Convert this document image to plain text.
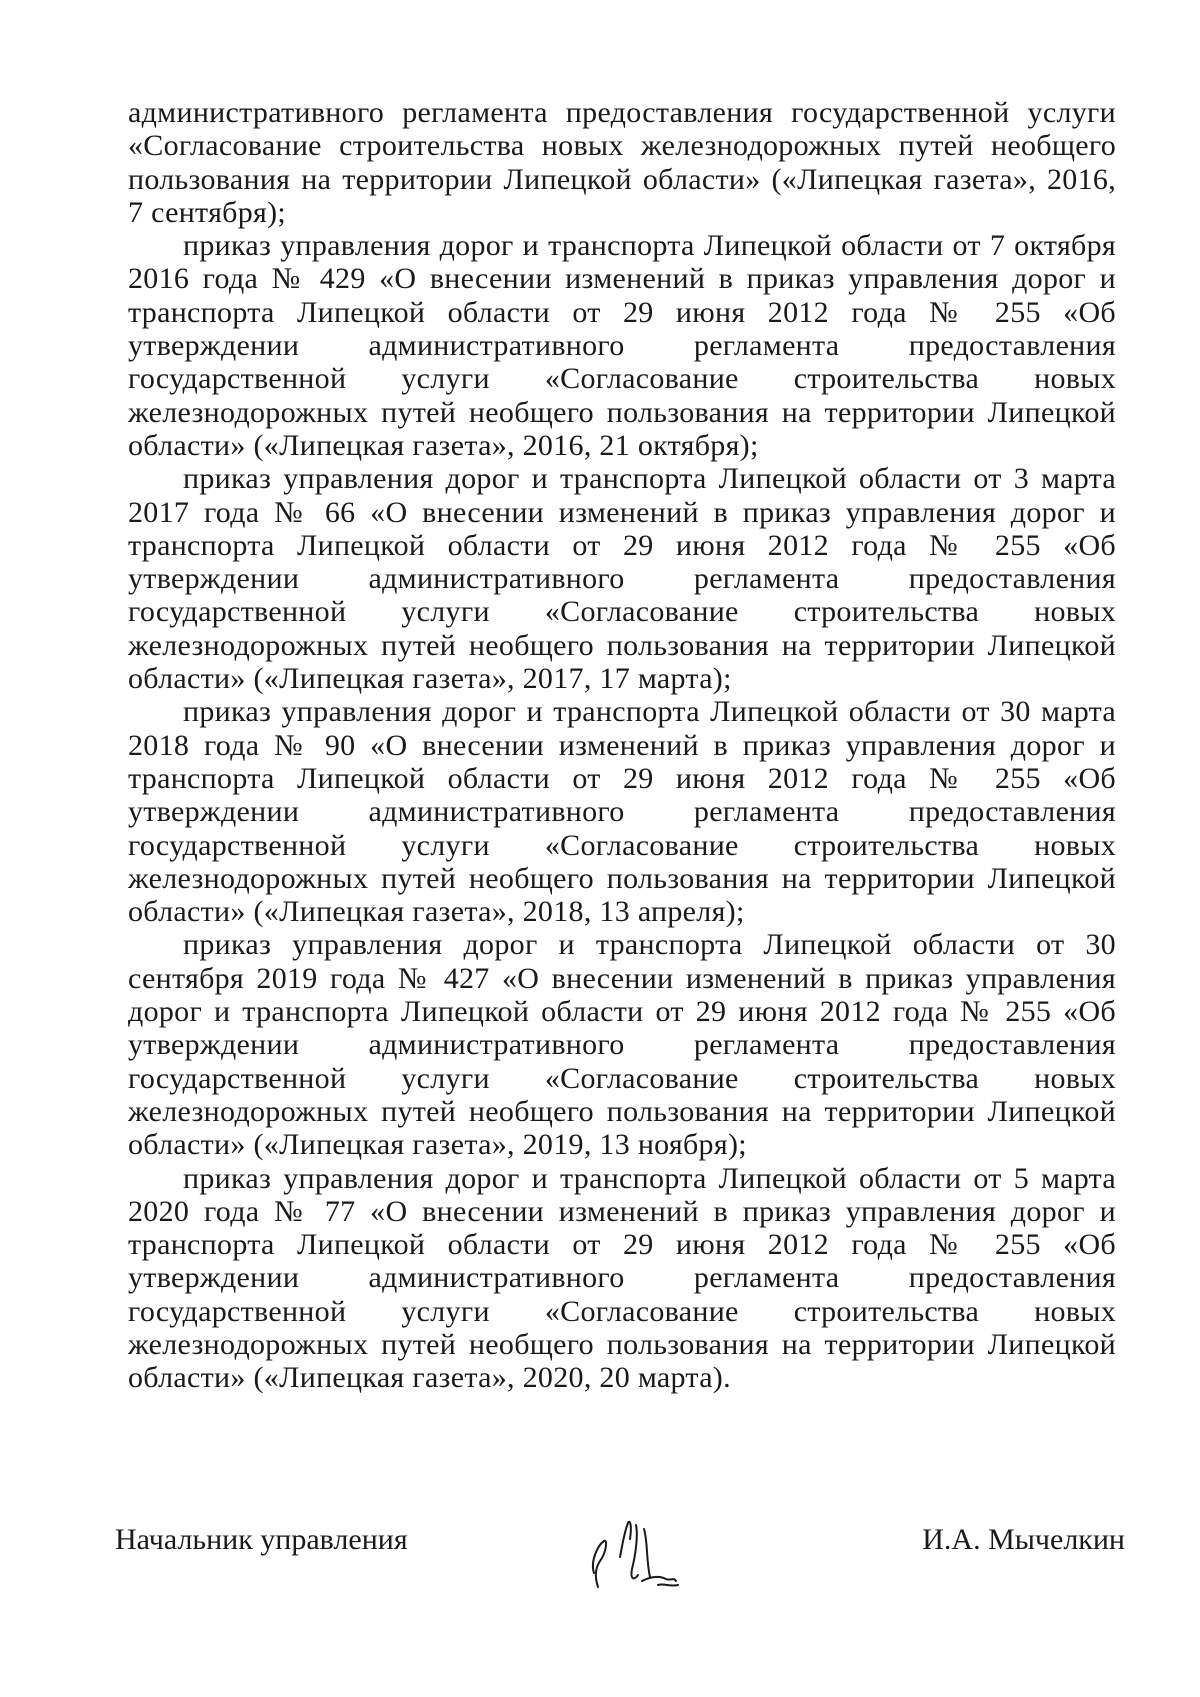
административного регламента предоставления государственной услуги «Согласование строительства новых железнодорожных путей необщего пользования на территории Липецкой области» («Липецкая газета», 2016, 7 сентября);

приказ управления дорог и транспорта Липецкой области от 7 октября 2016 года № 429 «О внесении изменений в приказ управления дорог и транспорта Липецкой области от 29 июня 2012 года № 255 «Об утверждении административного регламента предоставления государственной услуги «Согласование строительства новых железнодорожных путей необщего пользования на территории Липецкой области» («Липецкая газета», 2016, 21 октября);

приказ управления дорог и транспорта Липецкой области от 3 марта 2017 года № 66 «О внесении изменений в приказ управления дорог и транспорта Липецкой области от 29 июня 2012 года № 255 «Об утверждении административного регламента предоставления государственной услуги «Согласование строительства новых железнодорожных путей необщего пользования на территории Липецкой области» («Липецкая газета», 2017, 17 марта);

приказ управления дорог и транспорта Липецкой области от 30 марта 2018 года № 90 «О внесении изменений в приказ управления дорог и транспорта Липецкой области от 29 июня 2012 года № 255 «Об утверждении административного регламента предоставления государственной услуги «Согласование строительства новых железнодорожных путей необщего пользования на территории Липецкой области» («Липецкая газета», 2018, 13 апреля);

приказ управления дорог и транспорта Липецкой области от 30 сентября 2019 года № 427 «О внесении изменений в приказ управления дорог и транспорта Липецкой области от 29 июня 2012 года № 255 «Об утверждении административного регламента предоставления государственной услуги «Согласование строительства новых железнодорожных путей необщего пользования на территории Липецкой области» («Липецкая газета», 2019, 13 ноября);

приказ управления дорог и транспорта Липецкой области от 5 марта 2020 года № 77 «О внесении изменений в приказ управления дорог и транспорта Липецкой области от 29 июня 2012 года № 255 «Об утверждении административного регламента предоставления государственной услуги «Согласование строительства новых железнодорожных путей необщего пользования на территории Липецкой области» («Липецкая газета», 2020, 20 марта).

Начальник управления	И.А. Мычелкин
